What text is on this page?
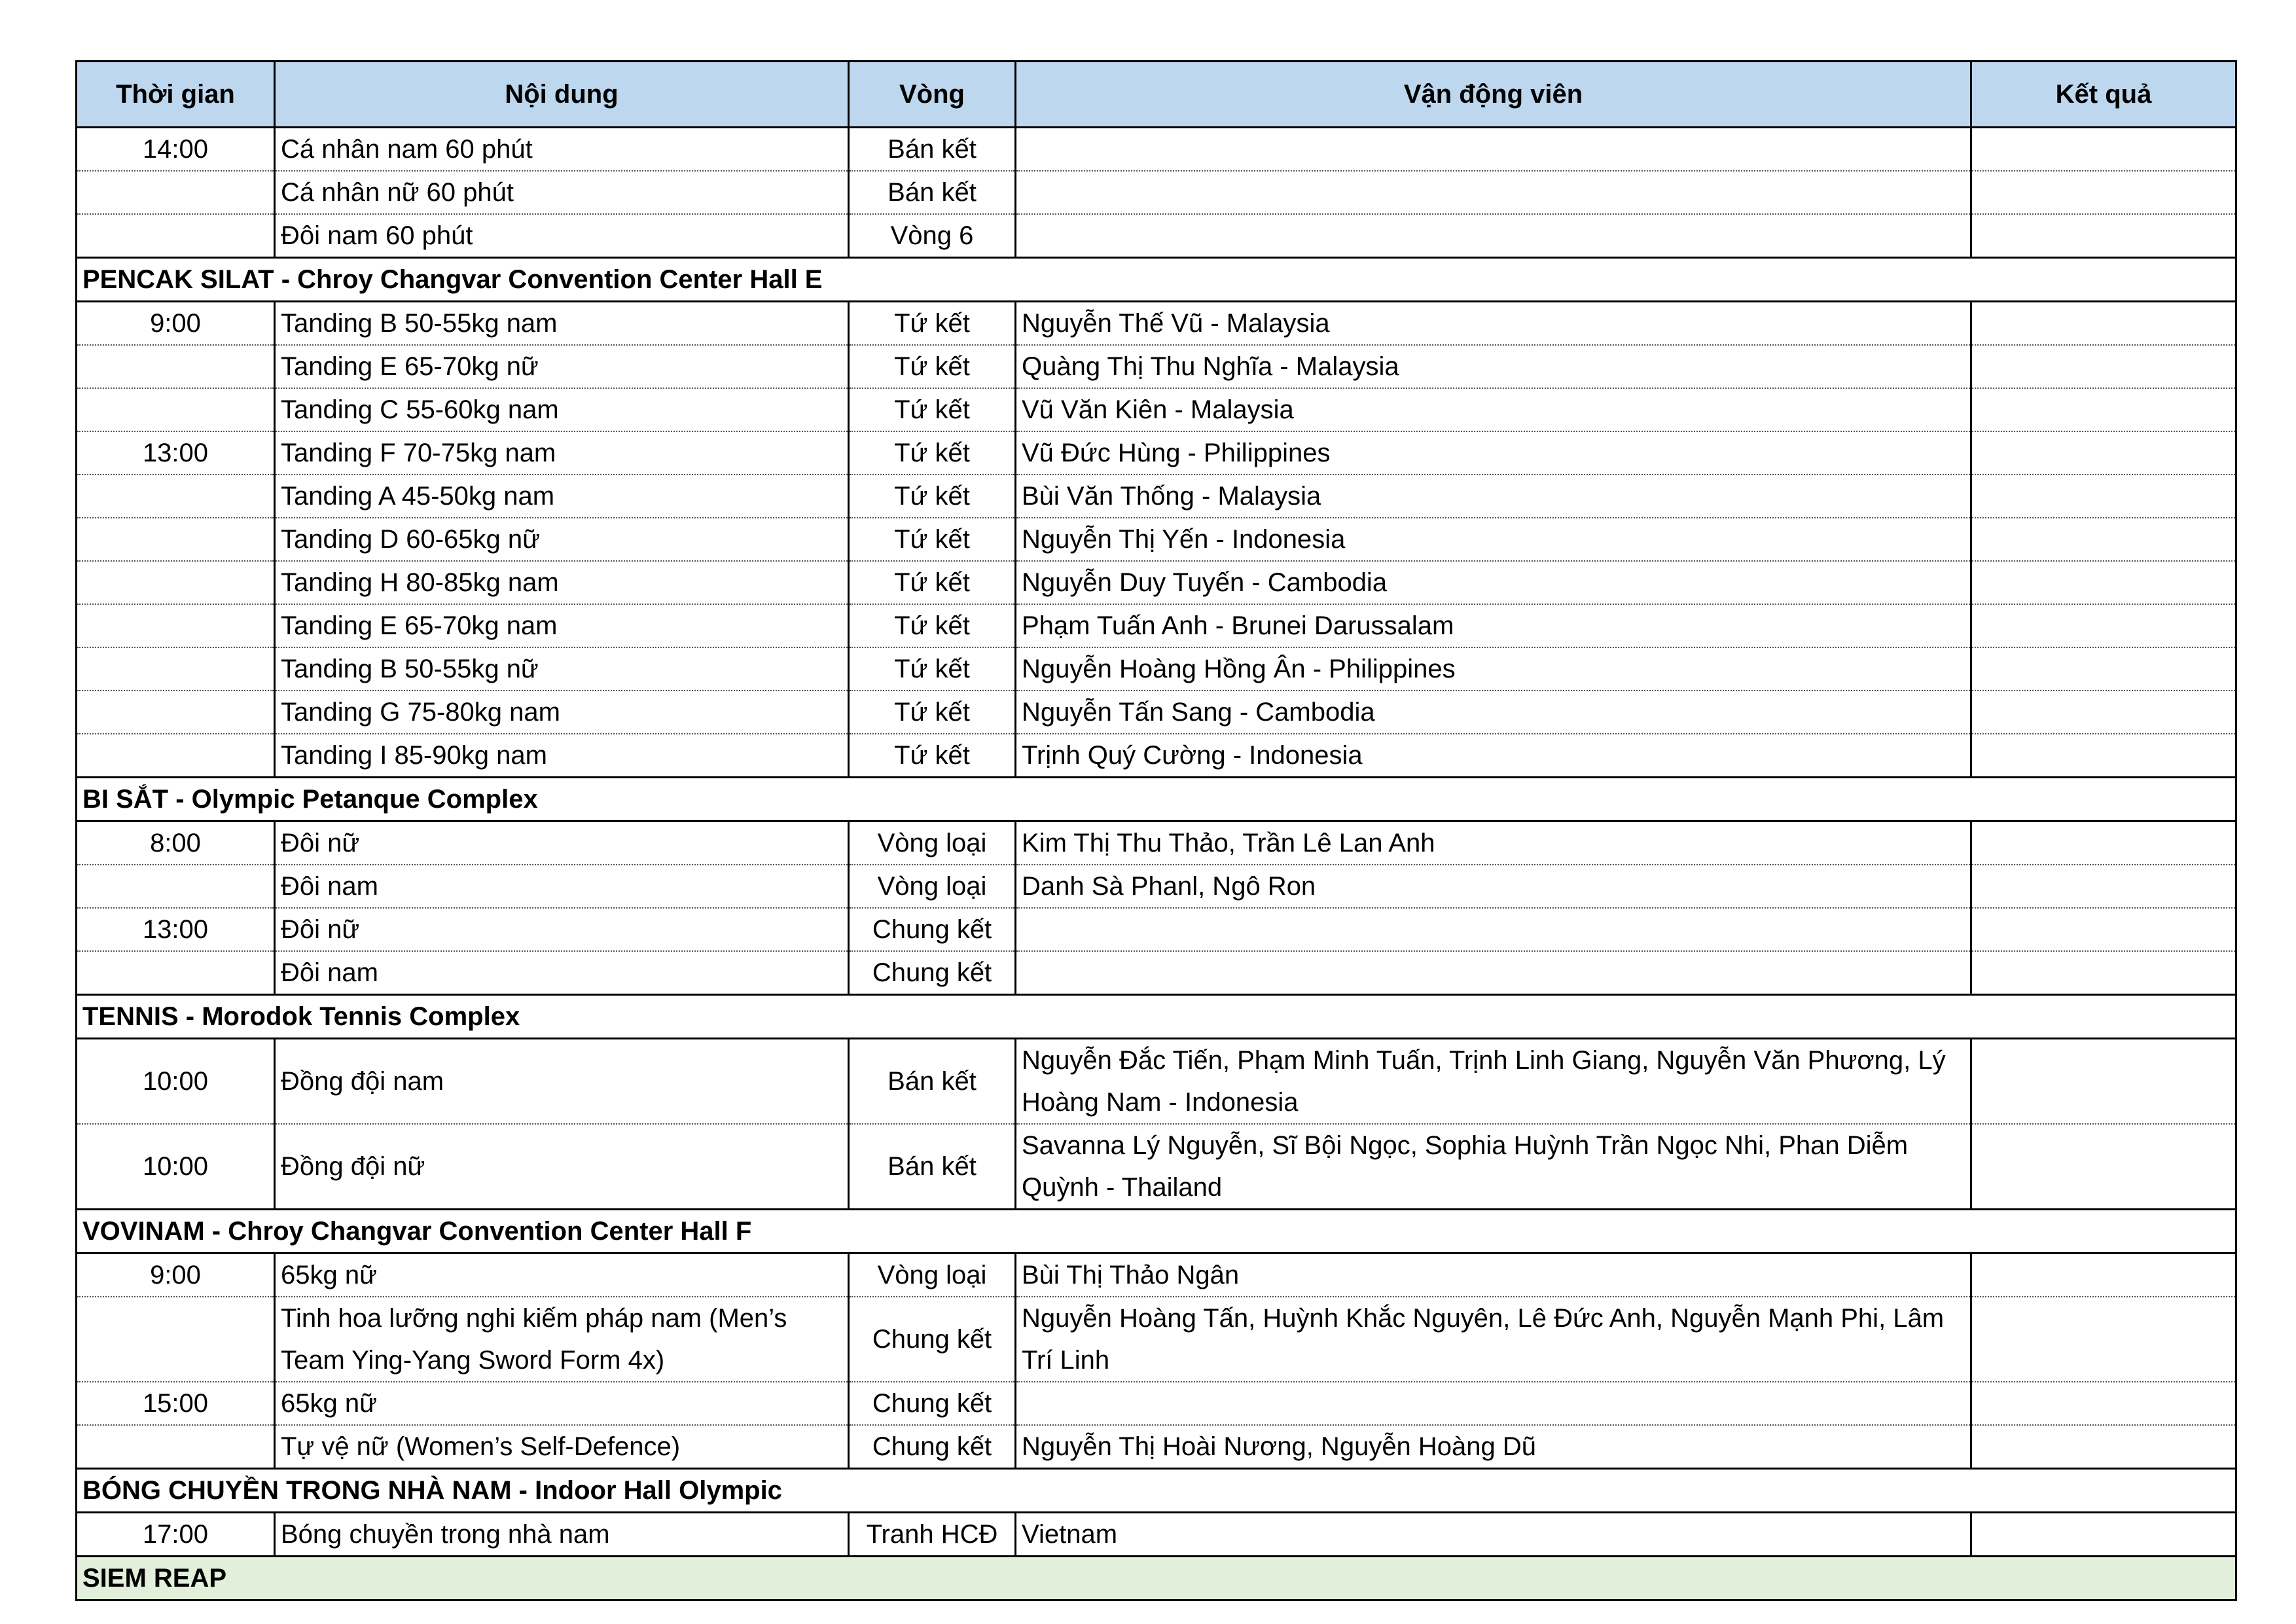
Thời gian	Nội dung	Vòng	Vận động viên	Kết quả
14:00	Cá nhân nam 60 phút	Bán kết		
	Cá nhân nữ 60 phút	Bán kết		
	Đôi nam 60 phút	Vòng 6		
PENCAK SILAT - Chroy Changvar Convention Center Hall E				
9:00	Tanding B 50-55kg nam	Tứ kết	Nguyễn Thế Vũ - Malaysia	
	Tanding E 65-70kg nữ	Tứ kết	Quàng Thị Thu Nghĩa - Malaysia	
	Tanding C 55-60kg nam	Tứ kết	Vũ Văn Kiên - Malaysia	
13:00	Tanding F 70-75kg nam	Tứ kết	Vũ Đức Hùng - Philippines	
	Tanding A 45-50kg nam	Tứ kết	Bùi Văn Thống - Malaysia	
	Tanding D 60-65kg nữ	Tứ kết	Nguyễn Thị Yến - Indonesia	
	Tanding H 80-85kg nam	Tứ kết	Nguyễn Duy Tuyến - Cambodia	
	Tanding E 65-70kg nam	Tứ kết	Phạm Tuấn Anh - Brunei Darussalam	
	Tanding B 50-55kg nữ	Tứ kết	Nguyễn Hoàng Hồng Ân - Philippines	
	Tanding G 75-80kg nam	Tứ kết	Nguyễn Tấn Sang - Cambodia	
	Tanding I 85-90kg nam	Tứ kết	Trịnh Quý Cường - Indonesia	
BI SẮT - Olympic Petanque Complex				
8:00	Đôi nữ	Vòng loại	Kim Thị Thu Thảo, Trần Lê Lan Anh	
	Đôi nam	Vòng loại	Danh Sà Phanl, Ngô Ron	
13:00	Đôi nữ	Chung kết		
	Đôi nam	Chung kết		
TENNIS - Morodok Tennis Complex				
10:00	Đồng đội nam	Bán kết	Nguyễn Đắc Tiến, Phạm Minh Tuấn, Trịnh Linh Giang, Nguyễn Văn Phương, Lý Hoàng Nam - Indonesia	
10:00	Đồng đội nữ	Bán kết	Savanna Lý Nguyễn, Sĩ Bội Ngọc, Sophia Huỳnh Trần Ngọc Nhi, Phan Diễm Quỳnh - Thailand	
VOVINAM - Chroy Changvar Convention Center Hall F				
9:00	65kg nữ	Vòng loại	Bùi Thị Thảo Ngân	
	Tinh hoa lưỡng nghi kiếm pháp nam (Men’s Team Ying-Yang Sword Form 4x)	Chung kết	Nguyễn Hoàng Tấn, Huỳnh Khắc Nguyên, Lê Đức Anh, Nguyễn Mạnh Phi, Lâm Trí Linh	
15:00	65kg nữ	Chung kết		
	Tự vệ nữ (Women’s Self-Defence)	Chung kết	Nguyễn Thị Hoài Nương, Nguyễn Hoàng Dũ	
BÓNG CHUYỀN TRONG NHÀ NAM - Indoor Hall Olympic				
17:00	Bóng chuyền trong nhà nam	Tranh HCĐ	Vietnam	
SIEM REAP				
